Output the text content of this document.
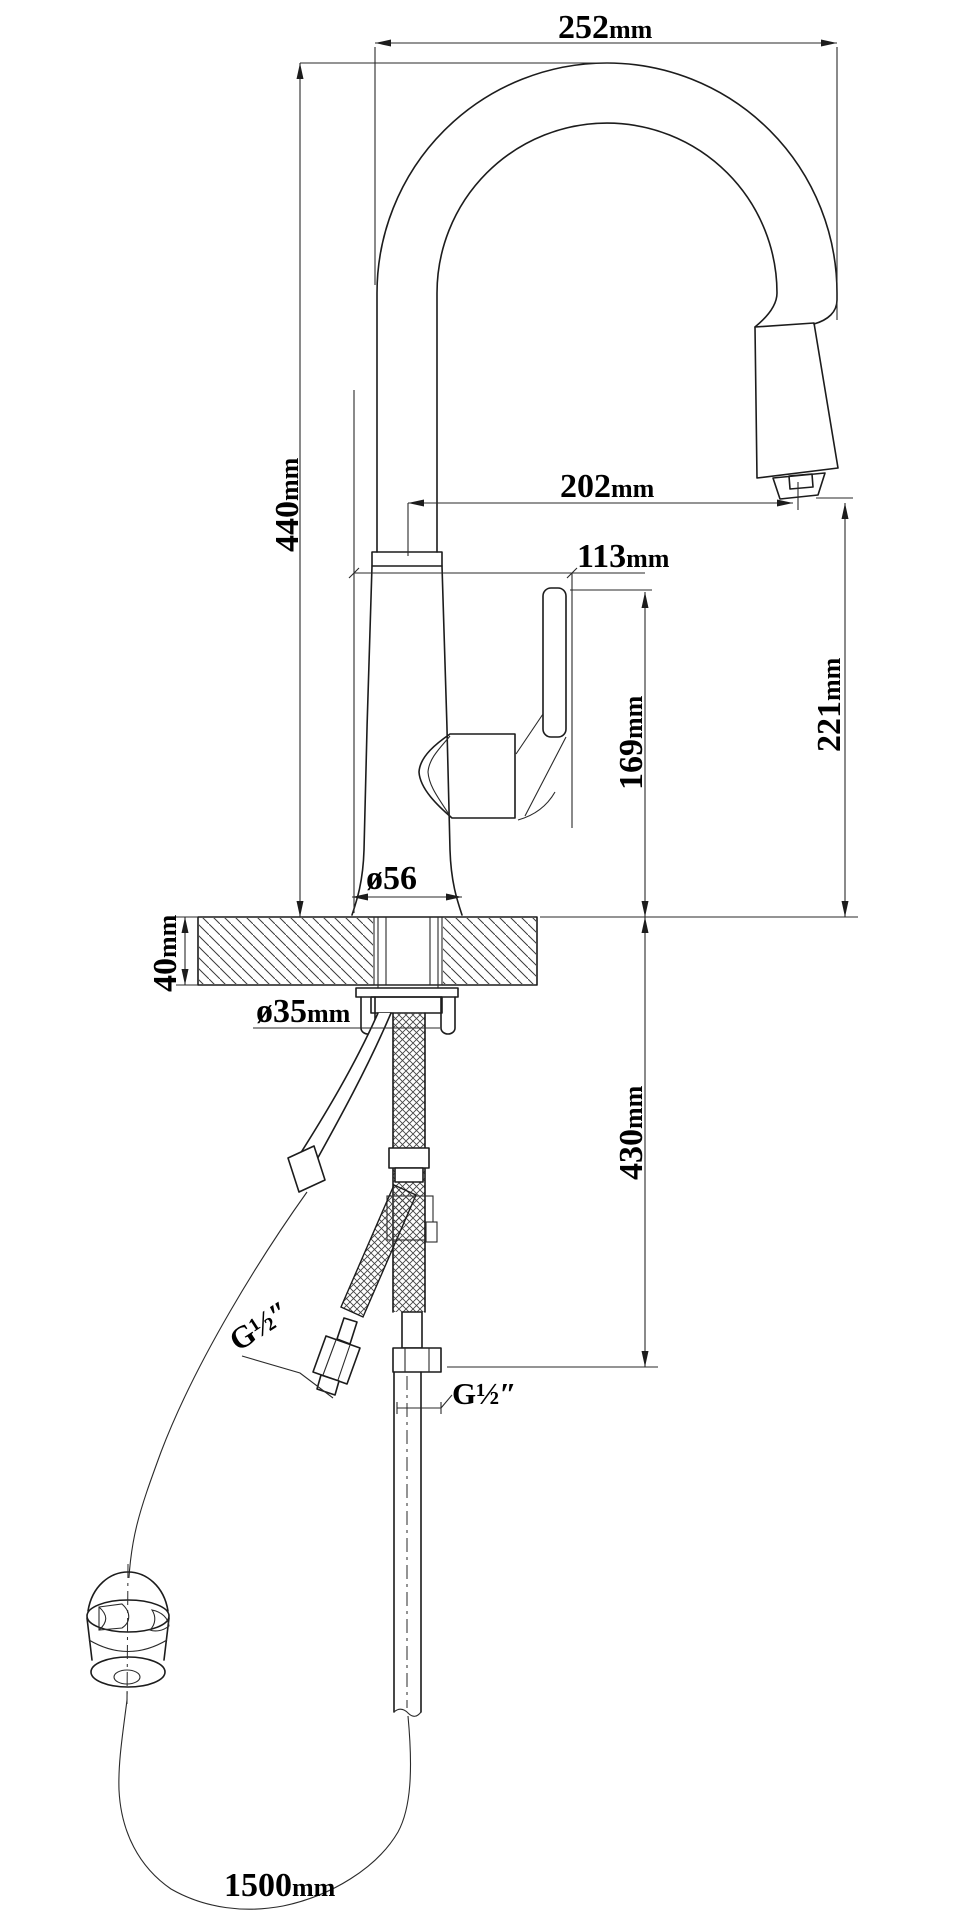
252mm
440mm	202mm
113mm
221mm
169mm
430mm
ø56
40mm
ø35mm
G½″
G½″
1500mm
